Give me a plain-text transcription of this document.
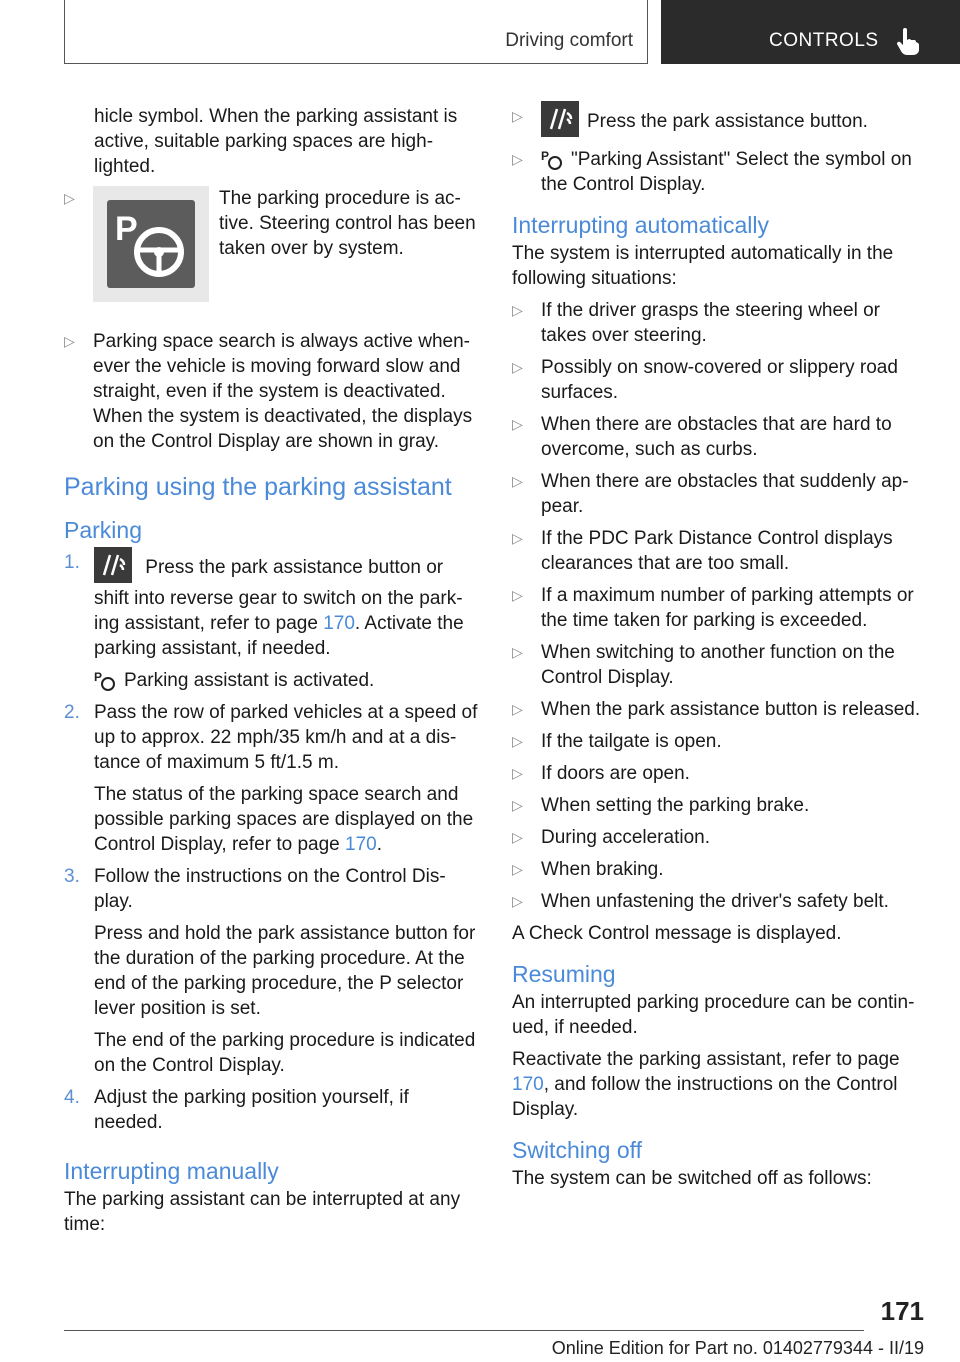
Driving comfort	CONTROLS

hicle symbol. When the parking assistant is active, suitable parking spaces are high‐lighted.

▷ P
The parking procedure is ac‐tive. Steering control has been taken over by system.
▷ Parking space search is always active when‐ever the vehicle is moving forward slow and straight, even if the system is deactivated. When the system is deactivated, the displays on the Control Display are shown in gray.
Parking using the parking assistant
Parking
1.	Press the park assistance button or shift into reverse gear to switch on the park‐ing assistant, refer to page 170. Activate the parking assistant, if needed.

P Parking assistant is activated.

2. Pass the row of parked vehicles at a speed of up to approx. 22 mph/35 km/h and at a dis‐tance of maximum 5 ft/1.5 m.

The status of the parking space search and possible parking spaces are displayed on the Control Display, refer to page 170.

3. Follow the instructions on the Control Dis‐play.

Press and hold the park assistance button for the duration of the parking procedure. At the end of the parking procedure, the P selector lever position is set.

The end of the parking procedure is indicated on the Control Display.

4. Adjust the parking position yourself, if needed.
Interrupting manually

The parking assistant can be interrupted at any time:

▷ Press the park assistance button.
▷ P "Parking Assistant" Select the symbol on the Control Display.
Interrupting automatically

The system is interrupted automatically in the following situations:

▷ If the driver grasps the steering wheel or takes over steering.
▷ Possibly on snow-covered or slippery road surfaces.
▷ When there are obstacles that are hard to overcome, such as curbs.
▷ When there are obstacles that suddenly ap‐pear.
▷ If the PDC Park Distance Control displays clearances that are too small.
▷ If a maximum number of parking attempts or the time taken for parking is exceeded.
▷ When switching to another function on the Control Display.
▷ When the park assistance button is released.
▷ If the tailgate is open.
▷ If doors are open.
▷ When setting the parking brake.
▷ During acceleration.
▷ When braking.
▷ When unfastening the driver's safety belt.

A Check Control message is displayed.

Resuming

An interrupted parking procedure can be contin‐ued, if needed.

Reactivate the parking assistant, refer to page 170, and follow the instructions on the Control Display.

Switching off

The system can be switched off as follows:

171
Online Edition for Part no. 01402779344 - II/19
